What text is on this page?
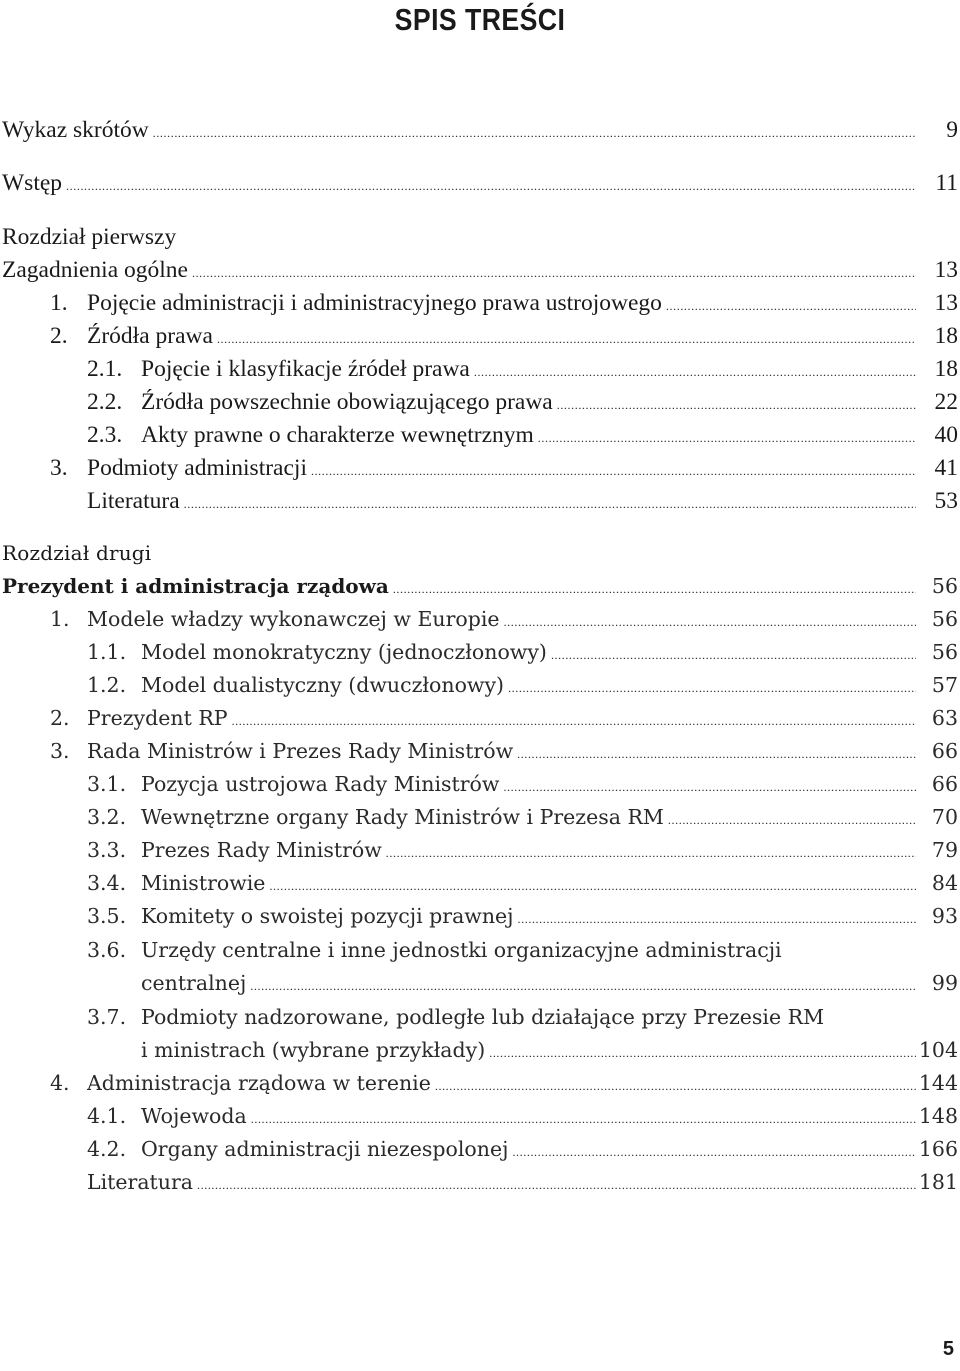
SPIS TREŚCI
Wykaz skrótów .....	9
Wstęp .....	11
Rozdział pierwszy
Zagadnienia ogólne .....	13
1. Pojęcie administracji i administracyjnego prawa ustrojowego .....	13
2. Źródła prawa .....	18
2.1. Pojęcie i klasyfikacje źródeł prawa .....	18
2.2. Źródła powszechnie obowiązującego prawa .....	22
2.3. Akty prawne o charakterze wewnętrznym .....	40
3. Podmioty administracji .....	41
Literatura .....	53
Rozdział drugi
Prezydent i administracja rządowa .....	56
1. Modele władzy wykonawczej w Europie .....	56
1.1. Model monokratyczny (jednoczłonowy) .....	56
1.2. Model dualistyczny (dwuczłonowy) .....	57
2. Prezydent RP .....	63
3. Rada Ministrów i Prezes Rady Ministrów .....	66
3.1. Pozycja ustrojowa Rady Ministrów .....	66
3.2. Wewnętrzne organy Rady Ministrów i Prezesa RM .....	70
3.3. Prezes Rady Ministrów .....	79
3.4. Ministrowie .....	84
3.5. Komitety o swoistej pozycji prawnej .....	93
3.6. Urzędy centralne i inne jednostki organizacyjne administracji
centralnej .....	99
3.7. Podmioty nadzorowane, podległe lub działające przy Prezesie RM
i ministrach (wybrane przykłady) .....	104
4. Administracja rządowa w terenie .....	144
4.1. Wojewoda .....	148
4.2. Organy administracji niezespolonej .....	166
Literatura .....	181
5
